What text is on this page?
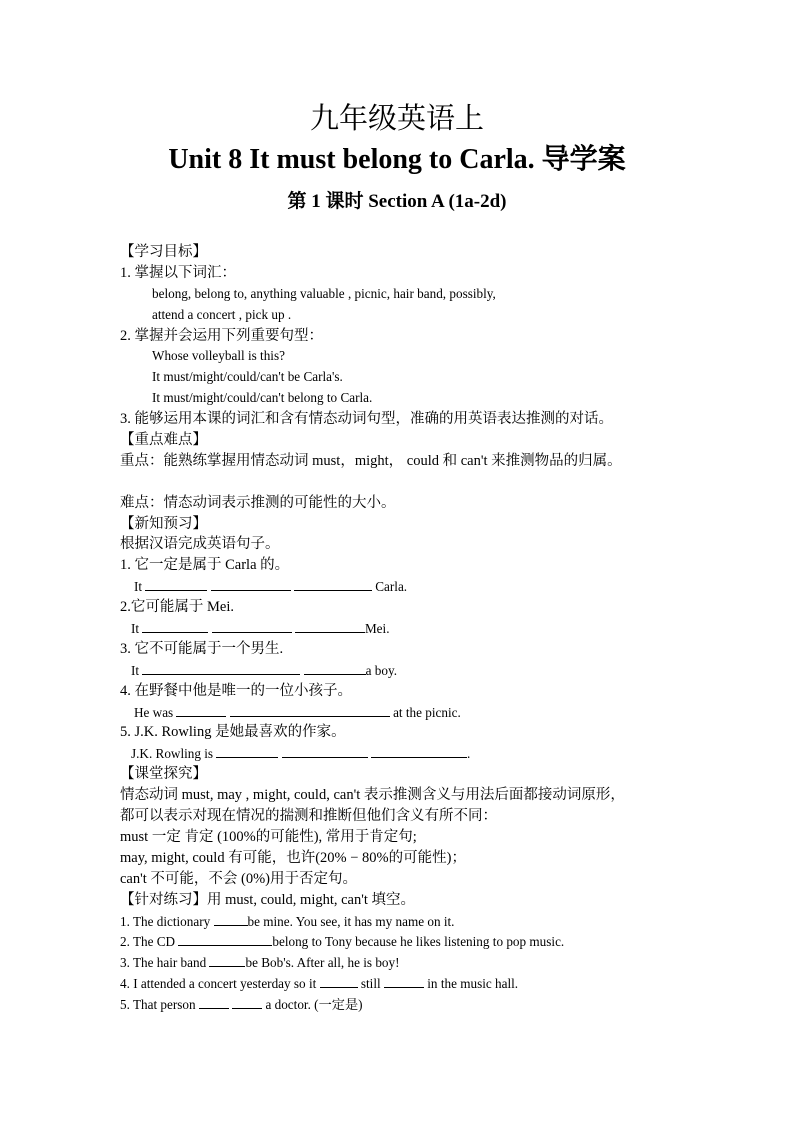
九年级英语上
Unit 8 It must belong to Carla. 导学案
第 1 课时 Section A (1a-2d)
【学习目标】
1. 掌握以下词汇：
belong, belong to, anything valuable , picnic, hair band, possibly,
attend a concert , pick up .
2. 掌握并会运用下列重要句型：
Whose volleyball is this?
It must/might/could/can't be Carla's.
It must/might/could/can't belong to Carla.
3. 能够运用本课的词汇和含有情态动词句型，准确的用英语表达推测的对话。
【重点难点】
重点：能熟练掌握用情态动词 must，might， could 和 can't 来推测物品的归属。
难点：情态动词表示推测的可能性的大小。
【新知预习】
根据汉语完成英语句子。
1. 它一定是属于 Carla 的。
It	Carla.
2.它可能属于 Mei.
It	Mei.
3. 它不可能属于一个男生.
It	a boy.
4. 在野餐中他是唯一的一位小孩子。
He was	at the picnic.
5. J.K. Rowling 是她最喜欢的作家。
J.K. Rowling is	.
【课堂探究】
情态动词 must, may , might, could, can't 表示推测含义与用法后面都接动词原形，
都可以表示对现在情况的揣测和推断但他们含义有所不同：
must 一定 肯定 (100%的可能性), 常用于肯定句;
may, might, could 有可能，也许(20% − 80%的可能性)；
can't 不可能，不会 (0%)用于否定句。
【针对练习】用 must, could, might, can't 填空。
1. The dictionary	be mine. You see, it has my name on it.
2. The CD	belong to Tony because he likes listening to pop music.
3. The hair band	be Bob's. After all, he is boy!
4. I attended a concert yesterday so it	still	in the music hall.
5. That person	a doctor. (一定是)
